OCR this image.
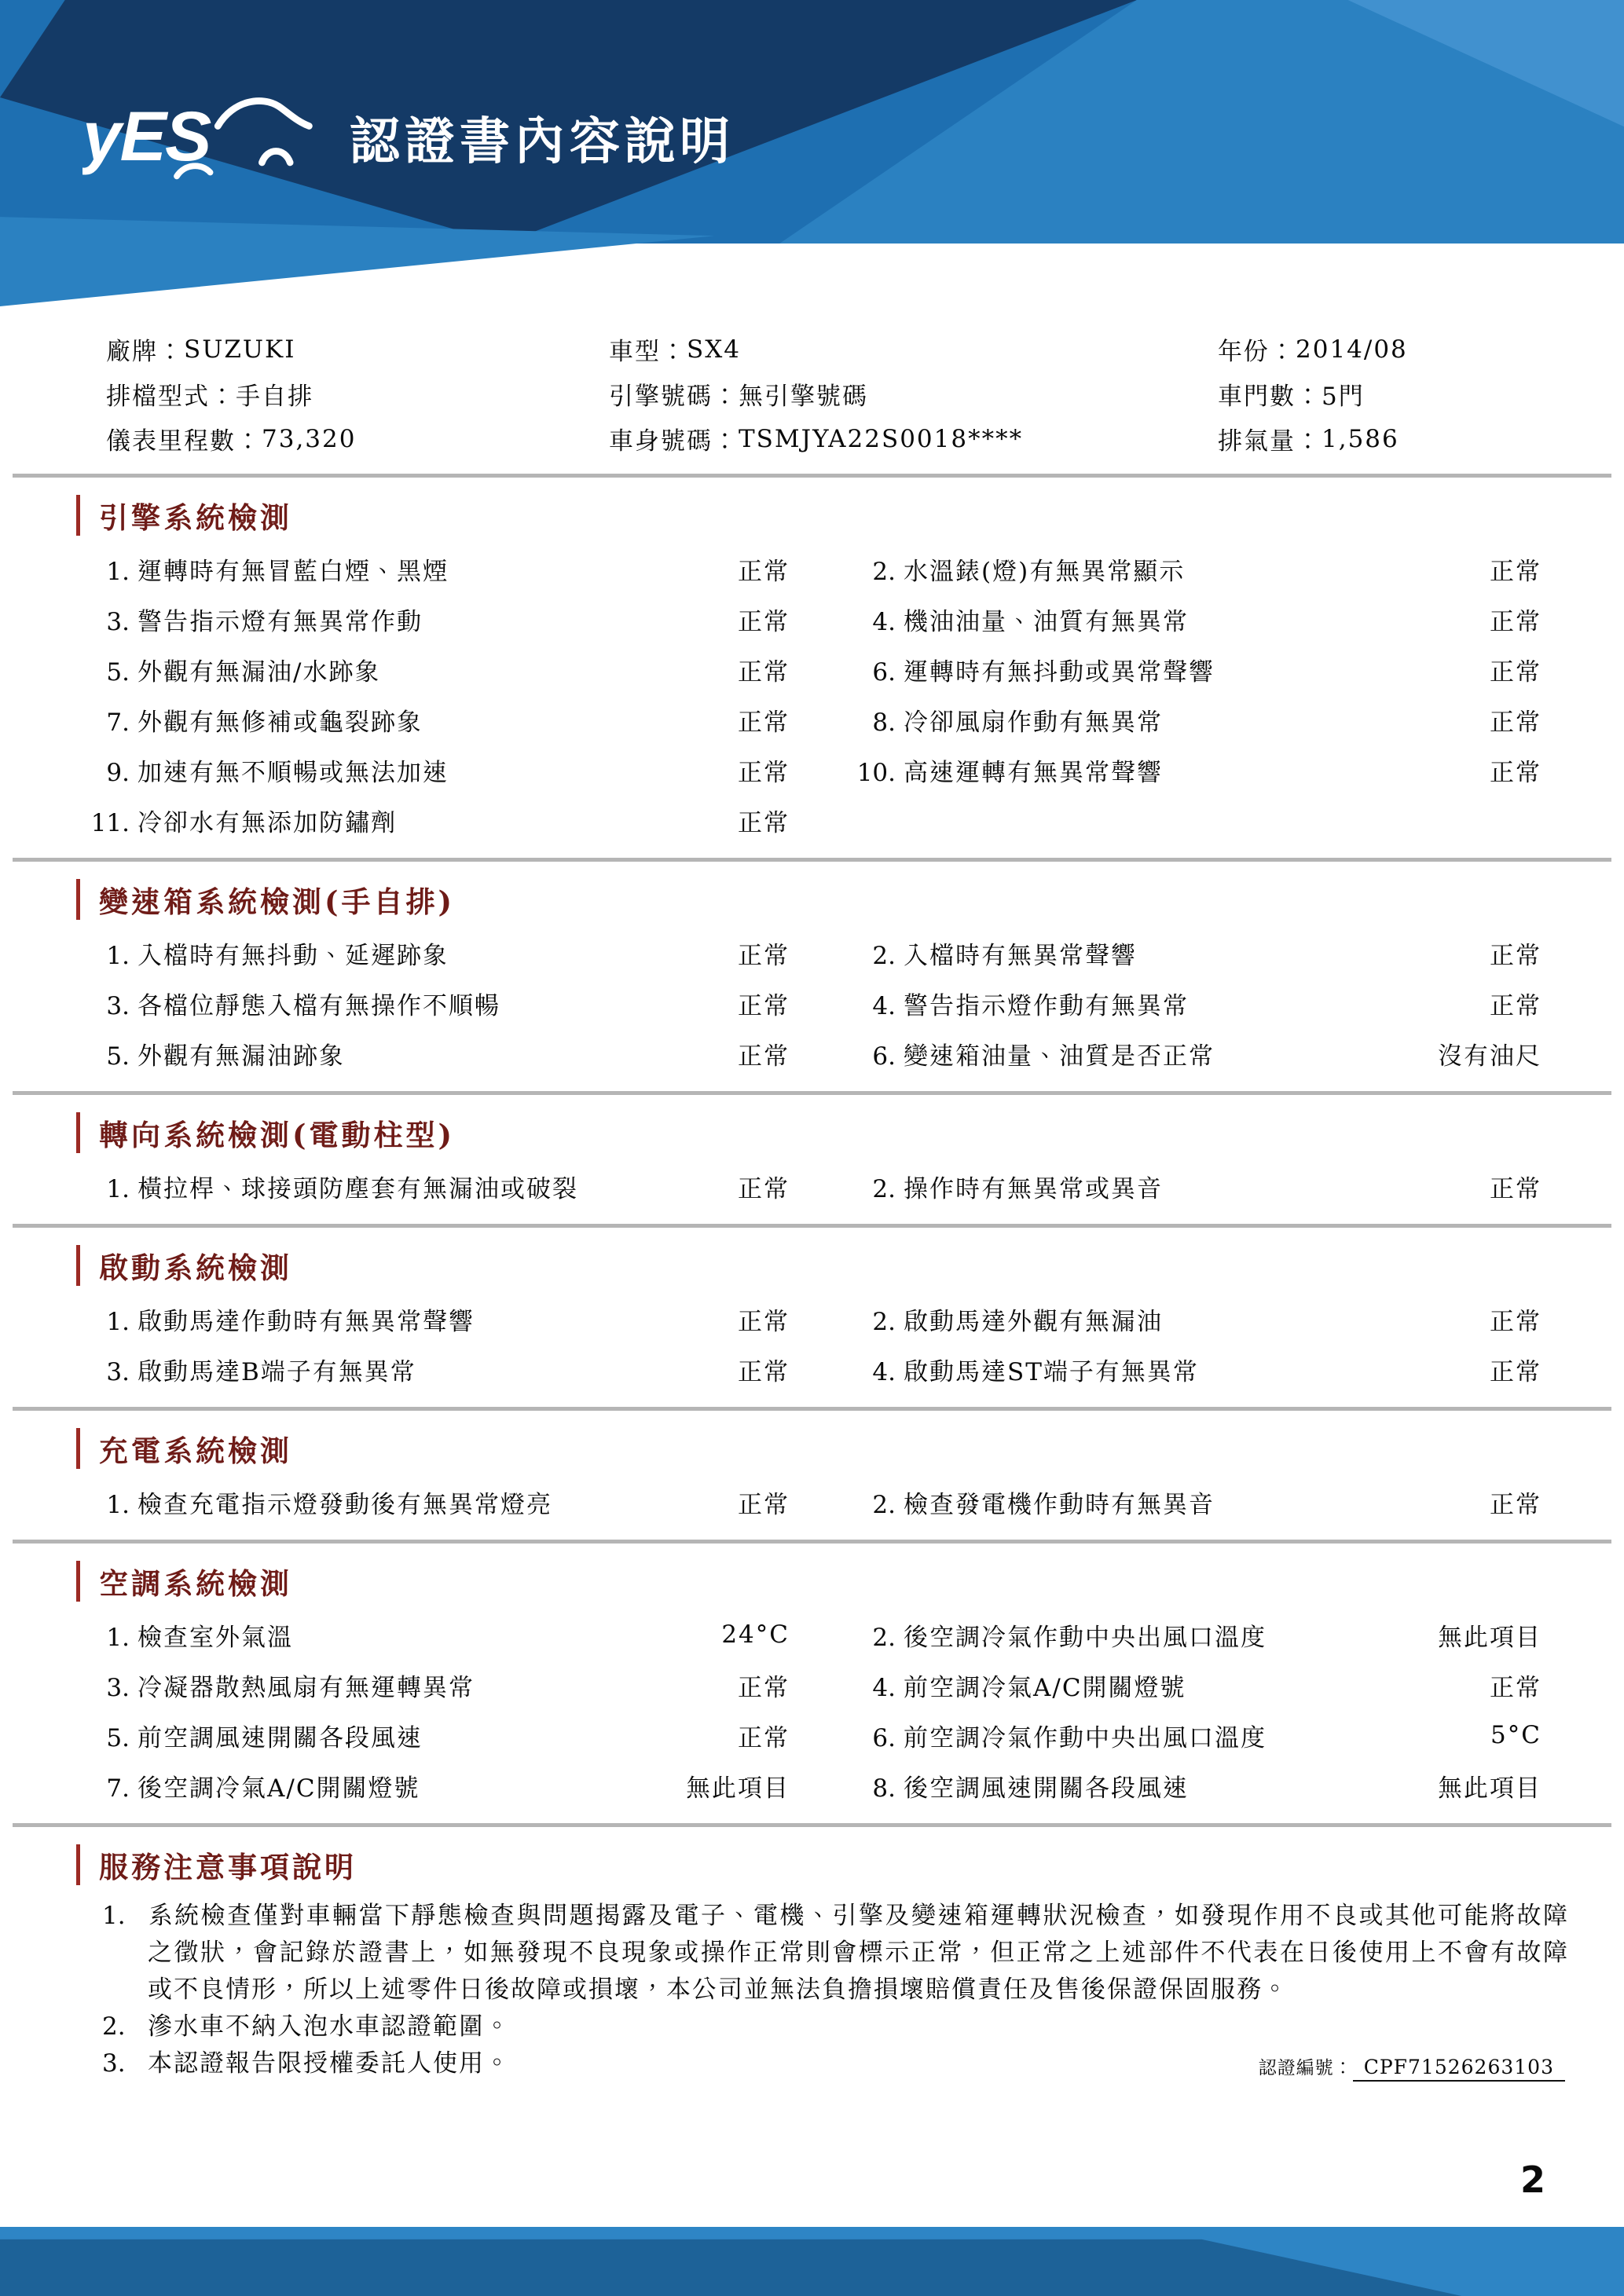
yES	認證書內容說明
廠牌： SUZUKI	車型： SX4	年份： 2014/08
排檔型式： 手自排	引擎號碼： 無引擎號碼	車門數： 5門
儀表里程數： 73,320	車身號碼： TSMJYA22S0018****	排氣量： 1,586
引擎系統檢測
1. 運轉時有無冒藍白煙、黑煙	正常	2. 水溫錶(燈)有無異常顯示	正常
3. 警告指示燈有無異常作動	正常	4. 機油油量、油質有無異常	正常
5. 外觀有無漏油/水跡象	正常	6. 運轉時有無抖動或異常聲響	正常
7. 外觀有無修補或龜裂跡象	正常	8. 冷卻風扇作動有無異常	正常
9. 加速有無不順暢或無法加速	正常	10. 高速運轉有無異常聲響	正常
11. 冷卻水有無添加防鏽劑	正常
變速箱系統檢測(手自排)
1. 入檔時有無抖動、延遲跡象	正常	2. 入檔時有無異常聲響	正常
3. 各檔位靜態入檔有無操作不順暢	正常	4. 警告指示燈作動有無異常	正常
5. 外觀有無漏油跡象	正常	6. 變速箱油量、油質是否正常	沒有油尺
轉向系統檢測(電動柱型)
1. 橫拉桿、球接頭防塵套有無漏油或破裂	正常	2. 操作時有無異常或異音	正常
啟動系統檢測
1. 啟動馬達作動時有無異常聲響	正常	2. 啟動馬達外觀有無漏油	正常
3. 啟動馬達B端子有無異常	正常	4. 啟動馬達ST端子有無異常	正常
充電系統檢測
1. 檢查充電指示燈發動後有無異常燈亮	正常	2. 檢查發電機作動時有無異音	正常
空調系統檢測
1. 檢查室外氣溫	24°C	2. 後空調冷氣作動中央出風口溫度	無此項目
3. 冷凝器散熱風扇有無運轉異常	正常	4. 前空調冷氣A/C開關燈號	正常
5. 前空調風速開關各段風速	正常	6. 前空調冷氣作動中央出風口溫度	5°C
7. 後空調冷氣A/C開關燈號	無此項目	8. 後空調風速開關各段風速	無此項目
服務注意事項說明
1. 系統檢查僅對車輛當下靜態檢查與問題揭露及電子、電機、引擎及變速箱運轉狀況檢查，如發現作用不良或其他可能將故障之徵狀，會記錄於證書上，如無發現不良現象或操作正常則會標示正常，但正常之上述部件不代表在日後使用上不會有故障或不良情形，所以上述零件日後故障或損壞，本公司並無法負擔損壞賠償責任及售後保證保固服務。
2. 滲水車不納入泡水車認證範圍。
3. 本認證報告限授權委託人使用。	認證編號： CPF71526263103
2
